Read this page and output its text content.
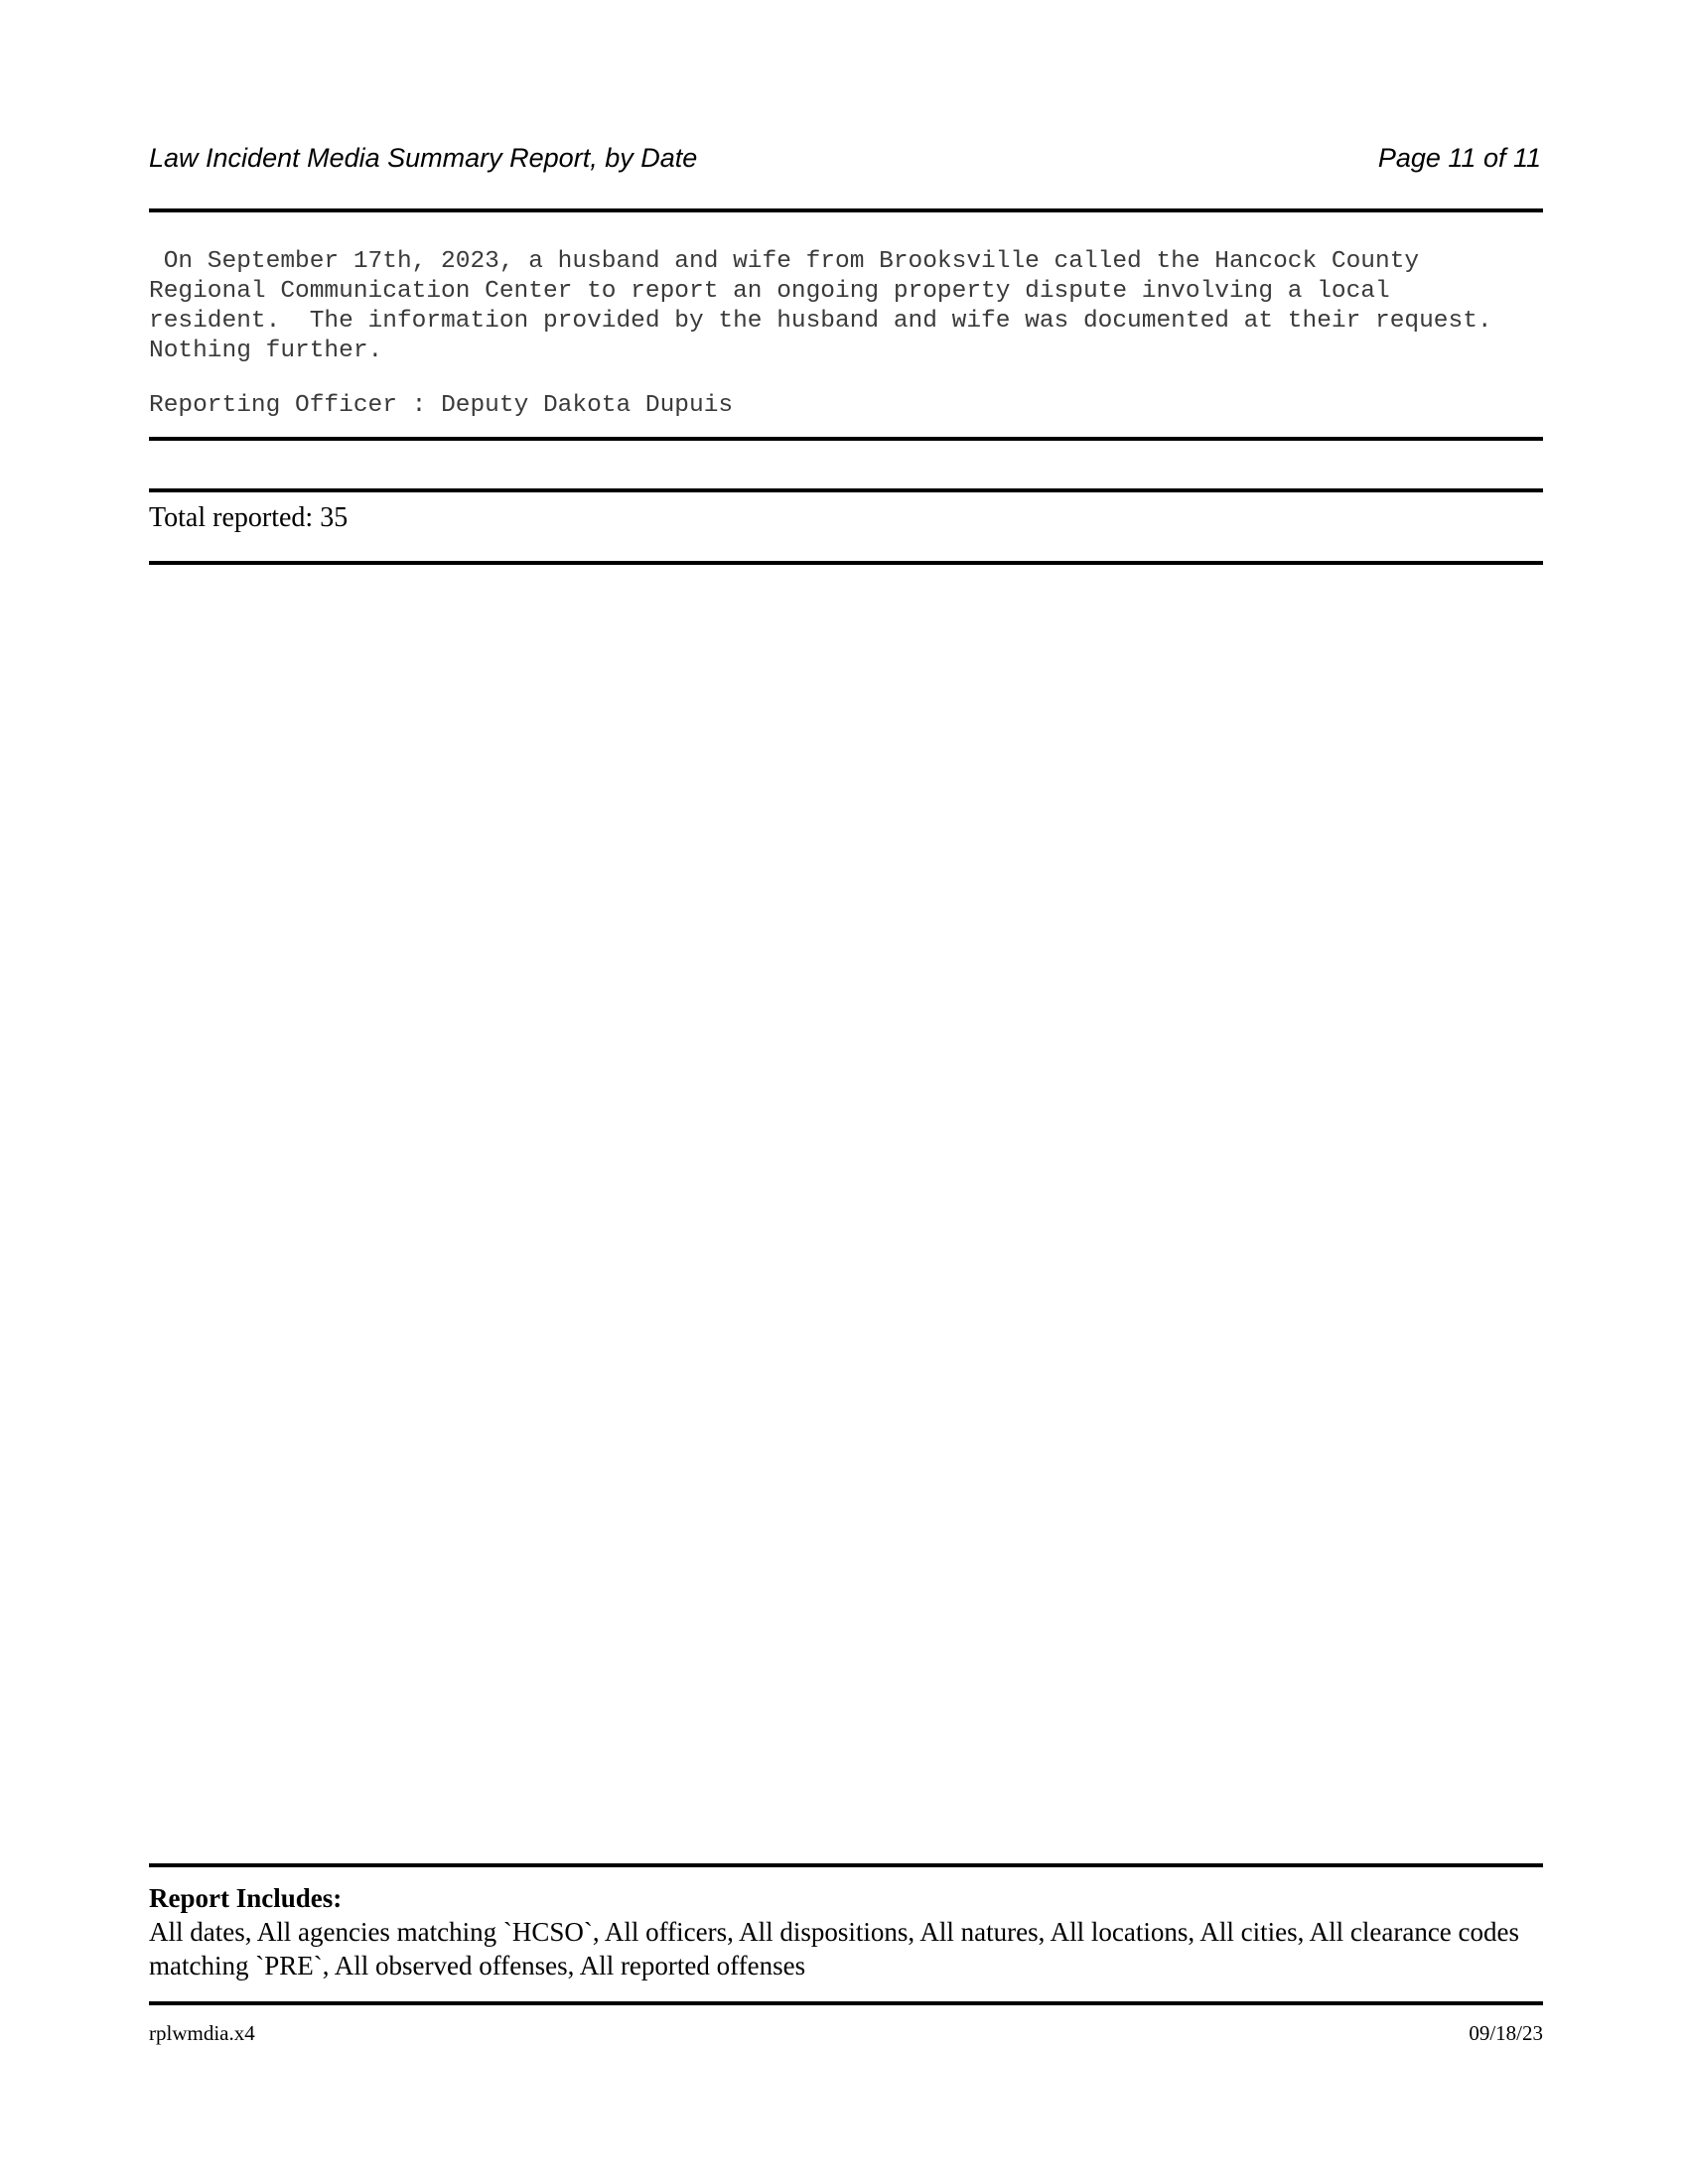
Law Incident Media Summary Report, by Date	Page 11 of 11

On September 17th, 2023, a husband and wife from Brooksville called the Hancock County
Regional Communication Center to report an ongoing property dispute involving a local
resident.  The information provided by the husband and wife was documented at their request.
Nothing further.

Reporting Officer : Deputy Dakota Dupuis
Total reported: 35
Report Includes:
All dates, All agencies matching `HCSO`, All officers, All dispositions, All natures, All locations, All cities, All clearance codes matching `PRE`, All observed offenses, All reported offenses
rplwmdia.x4	09/18/23
